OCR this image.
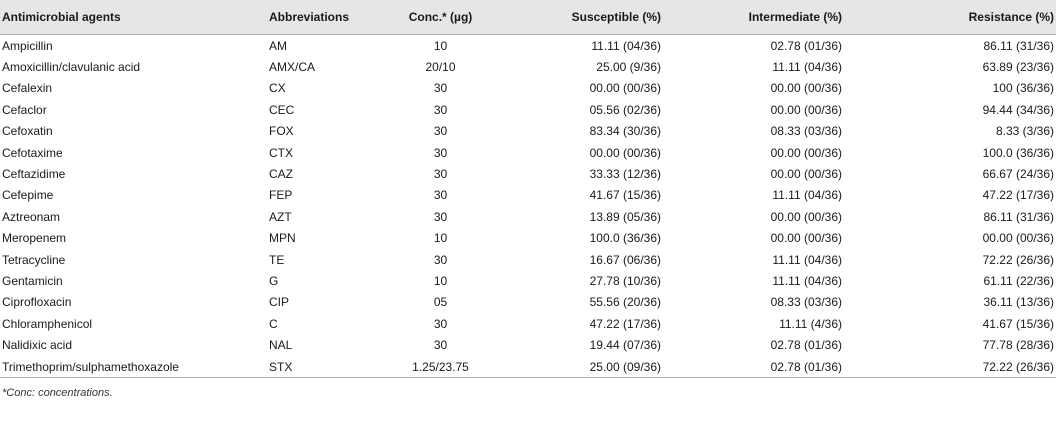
Antimicrobial agents	Abbreviations	Conc.* (µg)	Susceptible (%)	Intermediate (%)	Resistance (%)
Ampicillin	AM	10	11.11 (04/36)	02.78 (01/36)	86.11 (31/36)
Amoxicillin/clavulanic acid	AMX/CA	20/10	25.00 (9/36)	11.11 (04/36)	63.89 (23/36)
Cefalexin	CX	30	00.00 (00/36)	00.00 (00/36)	100 (36/36)
Cefaclor	CEC	30	05.56 (02/36)	00.00 (00/36)	94.44 (34/36)
Cefoxatin	FOX	30	83.34 (30/36)	08.33 (03/36)	8.33 (3/36)
Cefotaxime	CTX	30	00.00 (00/36)	00.00 (00/36)	100.0 (36/36)
Ceftazidime	CAZ	30	33.33 (12/36)	00.00 (00/36)	66.67 (24/36)
Cefepime	FEP	30	41.67 (15/36)	11.11 (04/36)	47.22 (17/36)
Aztreonam	AZT	30	13.89 (05/36)	00.00 (00/36)	86.11 (31/36)
Meropenem	MPN	10	100.0 (36/36)	00.00 (00/36)	00.00 (00/36)
Tetracycline	TE	30	16.67 (06/36)	11.11 (04/36)	72.22 (26/36)
Gentamicin	G	10	27.78 (10/36)	11.11 (04/36)	61.11 (22/36)
Ciprofloxacin	CIP	05	55.56 (20/36)	08.33 (03/36)	36.11 (13/36)
Chloramphenicol	C	30	47.22 (17/36)	11.11 (4/36)	41.67 (15/36)
Nalidixic acid	NAL	30	19.44 (07/36)	02.78 (01/36)	77.78 (28/36)
Trimethoprim/sulphamethoxazole	STX	1.25/23.75	25.00 (09/36)	02.78 (01/36)	72.22 (26/36)
*Conc: concentrations.
